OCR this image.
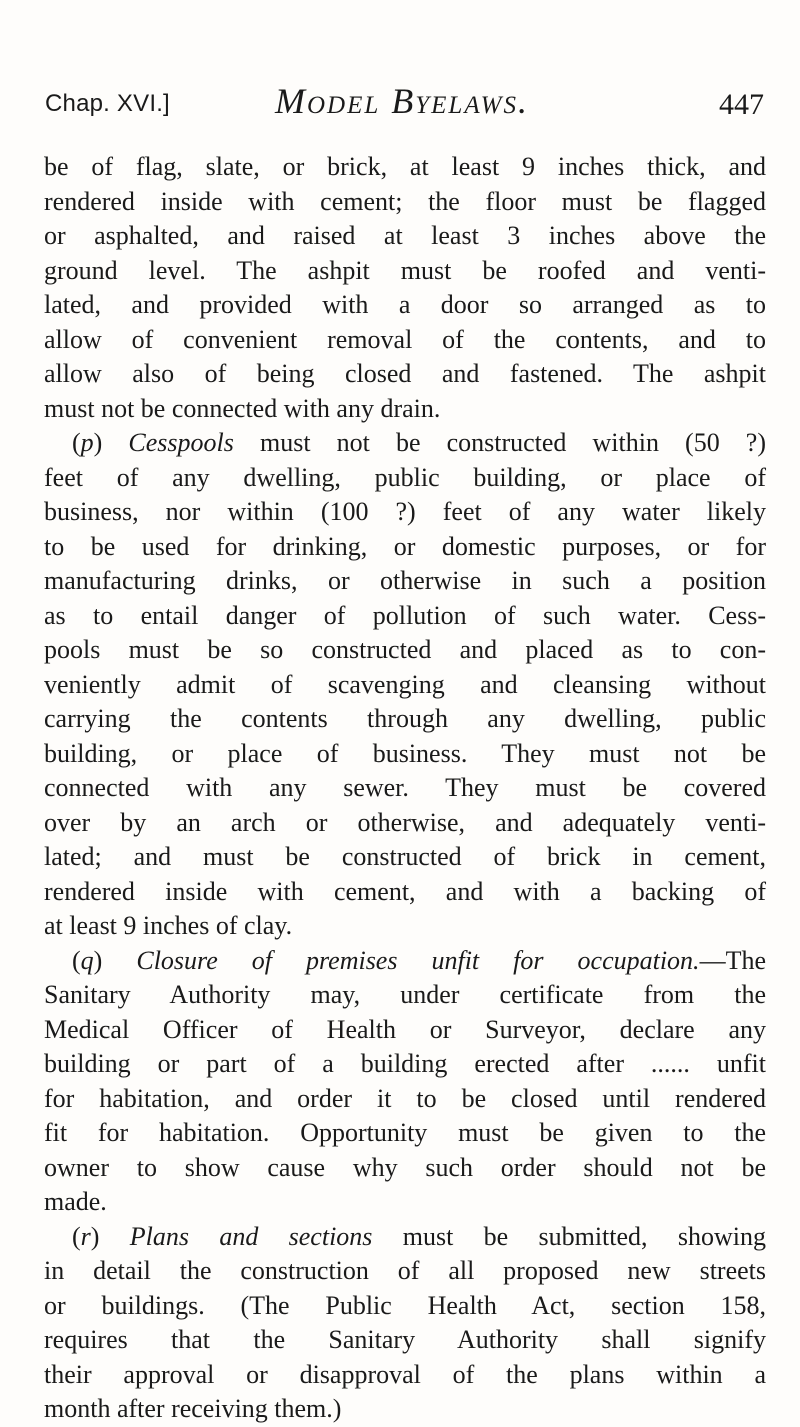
Chap. XVI.]	Model Byelaws.	447
be of flag, slate, or brick, at least 9 inches thick, and
rendered inside with cement; the floor must be flagged
or asphalted, and raised at least 3 inches above the
ground level. The ashpit must be roofed and venti-
lated, and provided with a door so arranged as to
allow of convenient removal of the contents, and to
allow also of being closed and fastened. The ashpit
must not be connected with any drain.
(p) Cesspools must not be constructed within (50 ?)
feet of any dwelling, public building, or place of
business, nor within (100 ?) feet of any water likely
to be used for drinking, or domestic purposes, or for
manufacturing drinks, or otherwise in such a position
as to entail danger of pollution of such water. Cess-
pools must be so constructed and placed as to con-
veniently admit of scavenging and cleansing without
carrying the contents through any dwelling, public
building, or place of business. They must not be
connected with any sewer. They must be covered
over by an arch or otherwise, and adequately venti-
lated; and must be constructed of brick in cement,
rendered inside with cement, and with a backing of
at least 9 inches of clay.
(q) Closure of premises unfit for occupation.—The
Sanitary Authority may, under certificate from the
Medical Officer of Health or Surveyor, declare any
building or part of a building erected after ...... unfit
for habitation, and order it to be closed until rendered
fit for habitation. Opportunity must be given to the
owner to show cause why such order should not be
made.
(r) Plans and sections must be submitted, showing
in detail the construction of all proposed new streets
or buildings. (The Public Health Act, section 158,
requires that the Sanitary Authority shall signify
their approval or disapproval of the plans within a
month after receiving them.)
